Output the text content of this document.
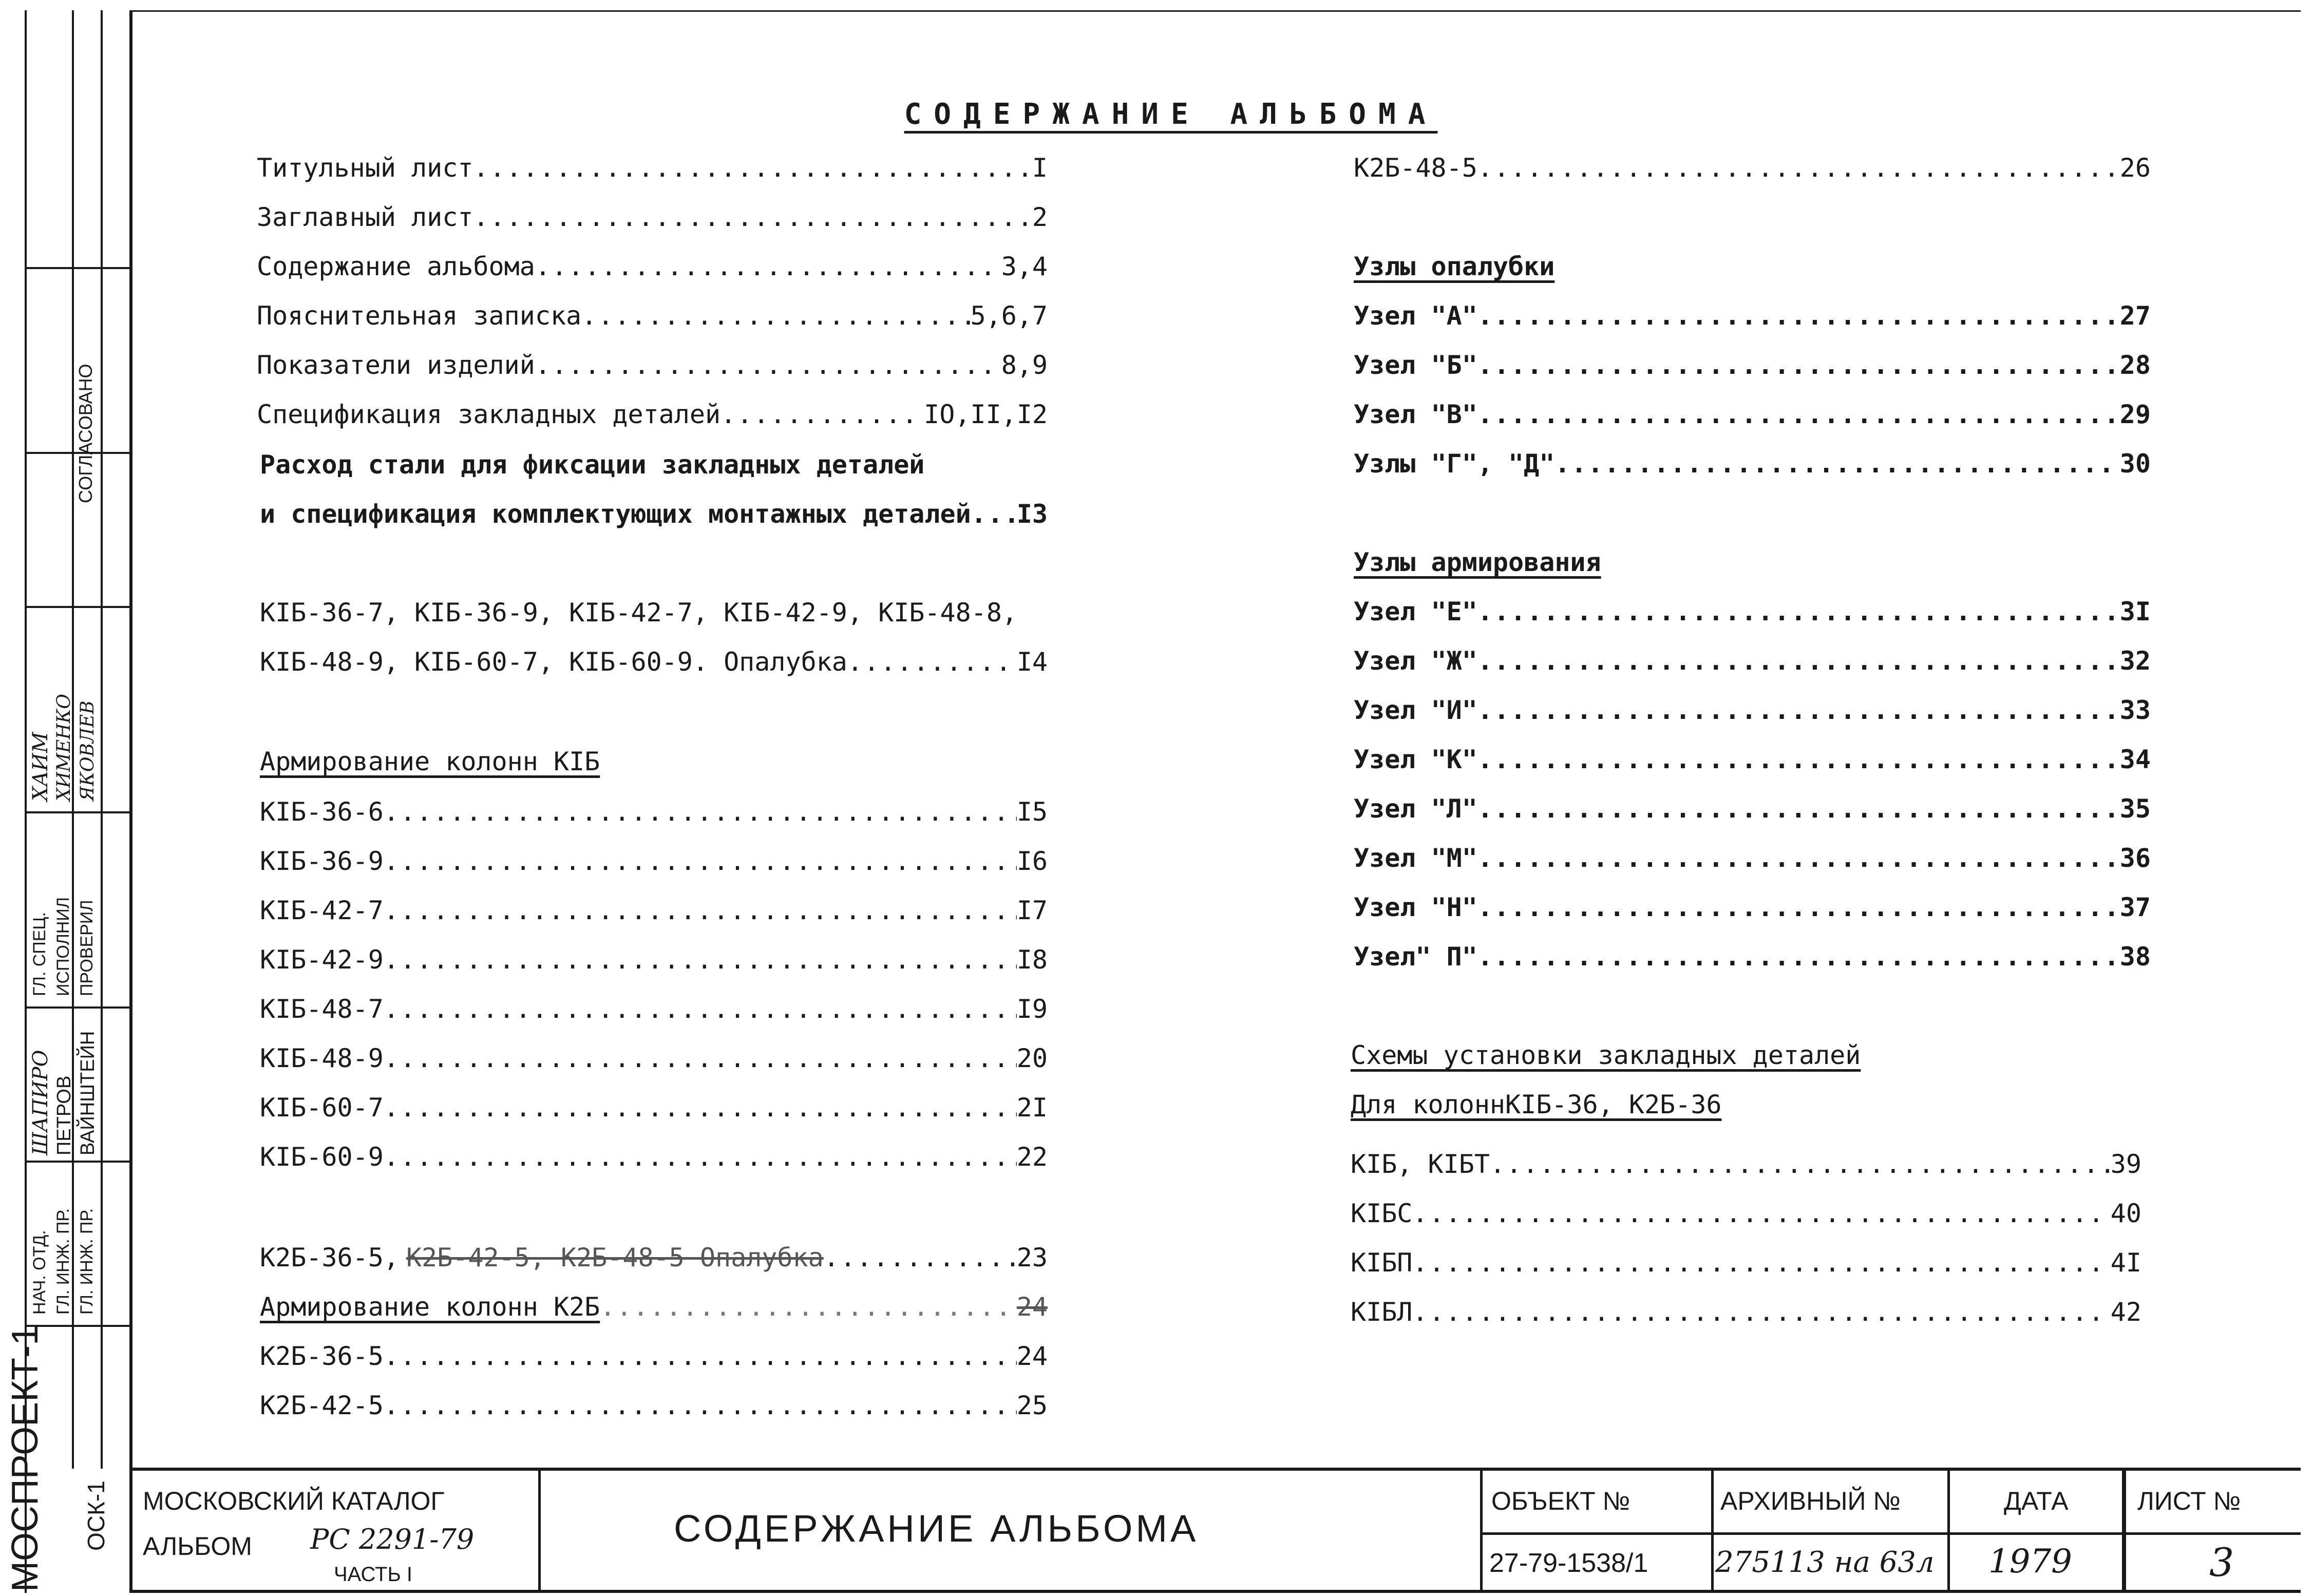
МОСПРОЕКТ-1 ОСК-1
СОГЛАСОВАНО
НАЧ. ОТД. ГЛ. ИНЖ. ПР. ГЛ. ИНЖ. ПР.
ШАПИРО ПЕТРОВ ВАЙНШТЕЙН
ГЛ. СПЕЦ. ИСПОЛНИЛ ПРОВЕРИЛ
ХАИМ ХИМЕНКО ЯКОВЛЕВ
СОДЕРЖАНИЕ АЛЬБОМА
Титульный лист .....	I
Заглавный лист .....	2
Содержание альбома .....	3,4
Пояснительная записка .....	5,6,7
Показатели изделий .....	8,9
Спецификация закладных деталей .....	IO,II,I2
Расход стали для фиксации закладных деталей
и спецификация комплектующих монтажных деталей ..... I3
КIБ-36-7, КIБ-36-9, КIБ-42-7, КIБ-42-9, КIБ-48-8,
КIБ-48-9, КIБ-60-7, КIБ-60-9. Опалубка .....	I4
Армирование колонн КIБ
КIБ-36-6 .....	I5
КIБ-36-9 .....	I6
КIБ-42-7 .....	I7
КIБ-42-9 .....	I8
КIБ-48-7 .....	I9
КIБ-48-9 .....	20
КIБ-60-7 .....	2I
КIБ-60-9 .....	22
К2Б-36-5, К2Б-42-5, К2Б-48-5 Опалубка .....	23
Армирование колонн К2Б .....	24
К2Б-36-5 .....	24
К2Б-42-5 .....	25
К2Б-48-5 .....	26
Узлы опалубки
Узел "А" .....	27
Узел "Б" .....	28
Узел "В" .....	29
Узлы "Г", "Д" .....	30
Узлы армирования
Узел "Е" .....	3I
Узел "Ж" .....	32
Узел "И" .....	33
Узел "К" .....	34
Узел "Л" .....	35
Узел "М" .....	36
Узел "Н" .....	37
Узел" П" .....	38
Схемы установки закладных деталей
Для колоннКIБ-36, К2Б-36
КIБ, КIБТ .....	39
КIБС .....	40
КIБП .....	4I
КIБЛ .....	42
МОСКОВСКИЙ КАТАЛОГ
АЛЬБОМ РС 2291-79
ЧАСТЬ I
СОДЕРЖАНИЕ АЛЬБОМА
ОБЪЕКТ №
27-79-1538/1
АРХИВНЫЙ №
275113 на 63л
ДАТА
1979
ЛИСТ №
3
